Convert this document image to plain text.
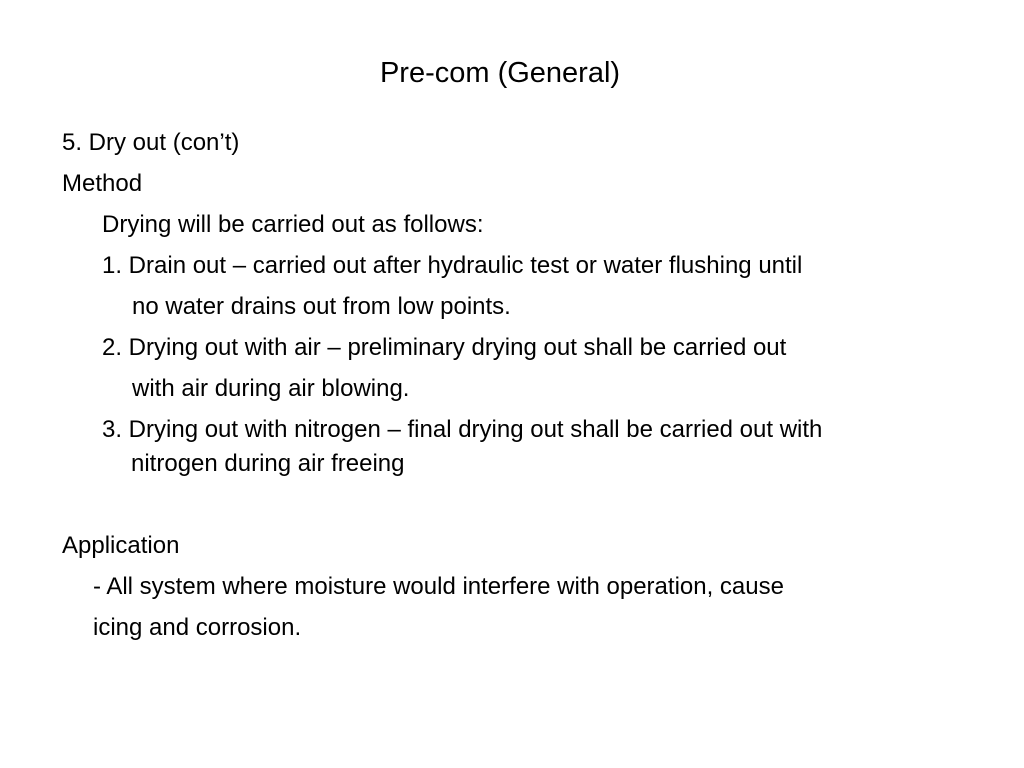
Pre-com (General)
5. Dry out (con’t)
Method
Drying will be carried out as follows:
1. Drain out – carried out after hydraulic test or water flushing until
no water drains out from low points.
2. Drying out with air – preliminary drying out shall be carried out
with air during air blowing.
3. Drying out with nitrogen – final drying out shall be carried out with
nitrogen during air freeing
Application
- All system where moisture would interfere with operation, cause
icing and corrosion.
